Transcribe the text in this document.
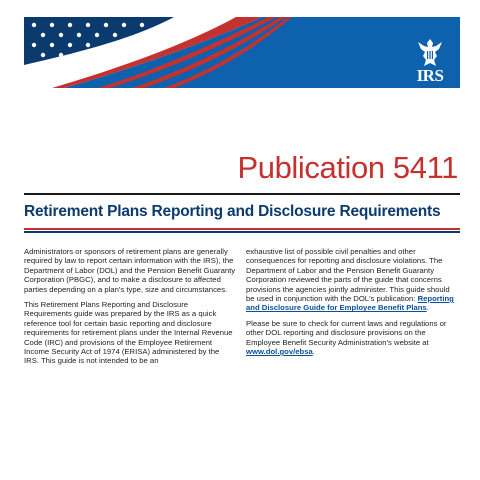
IRS
Publication 5411
Retirement Plans Reporting and Disclosure Requirements

Administrators or sponsors of retirement plans are generally required by law to report certain information with the IRS), the Department of Labor (DOL) and the Pension Benefit Guaranty Corporation (PBGC), and to make a disclosure to affected parties depending on a plan's type, size and circumstances.

This Retirement Plans Reporting and Disclosure Requirements guide was prepared by the IRS as a quick reference tool for certain basic reporting and disclosure requirements for retirement plans under the Internal Revenue Code (IRC) and provisions of the Employee Retirement Income Security Act of 1974 (ERISA) administered by the IRS. This guide is not intended to be an

exhaustive list of possible civil penalties and other consequences for reporting and disclosure violations. The Department of Labor and the Pension Benefit Guaranty Corporation reviewed the parts of the guide that concerns provisions the agencies jointly administer. This guide should be used in conjunction with the DOL's publication: Reporting and Disclosure Guide for Employee Benefit Plans.

Please be sure to check for current laws and regulations or other DOL reporting and disclosure provisions on the Employee Benefit Security Administration's website at www.dol.gov/ebsa.
